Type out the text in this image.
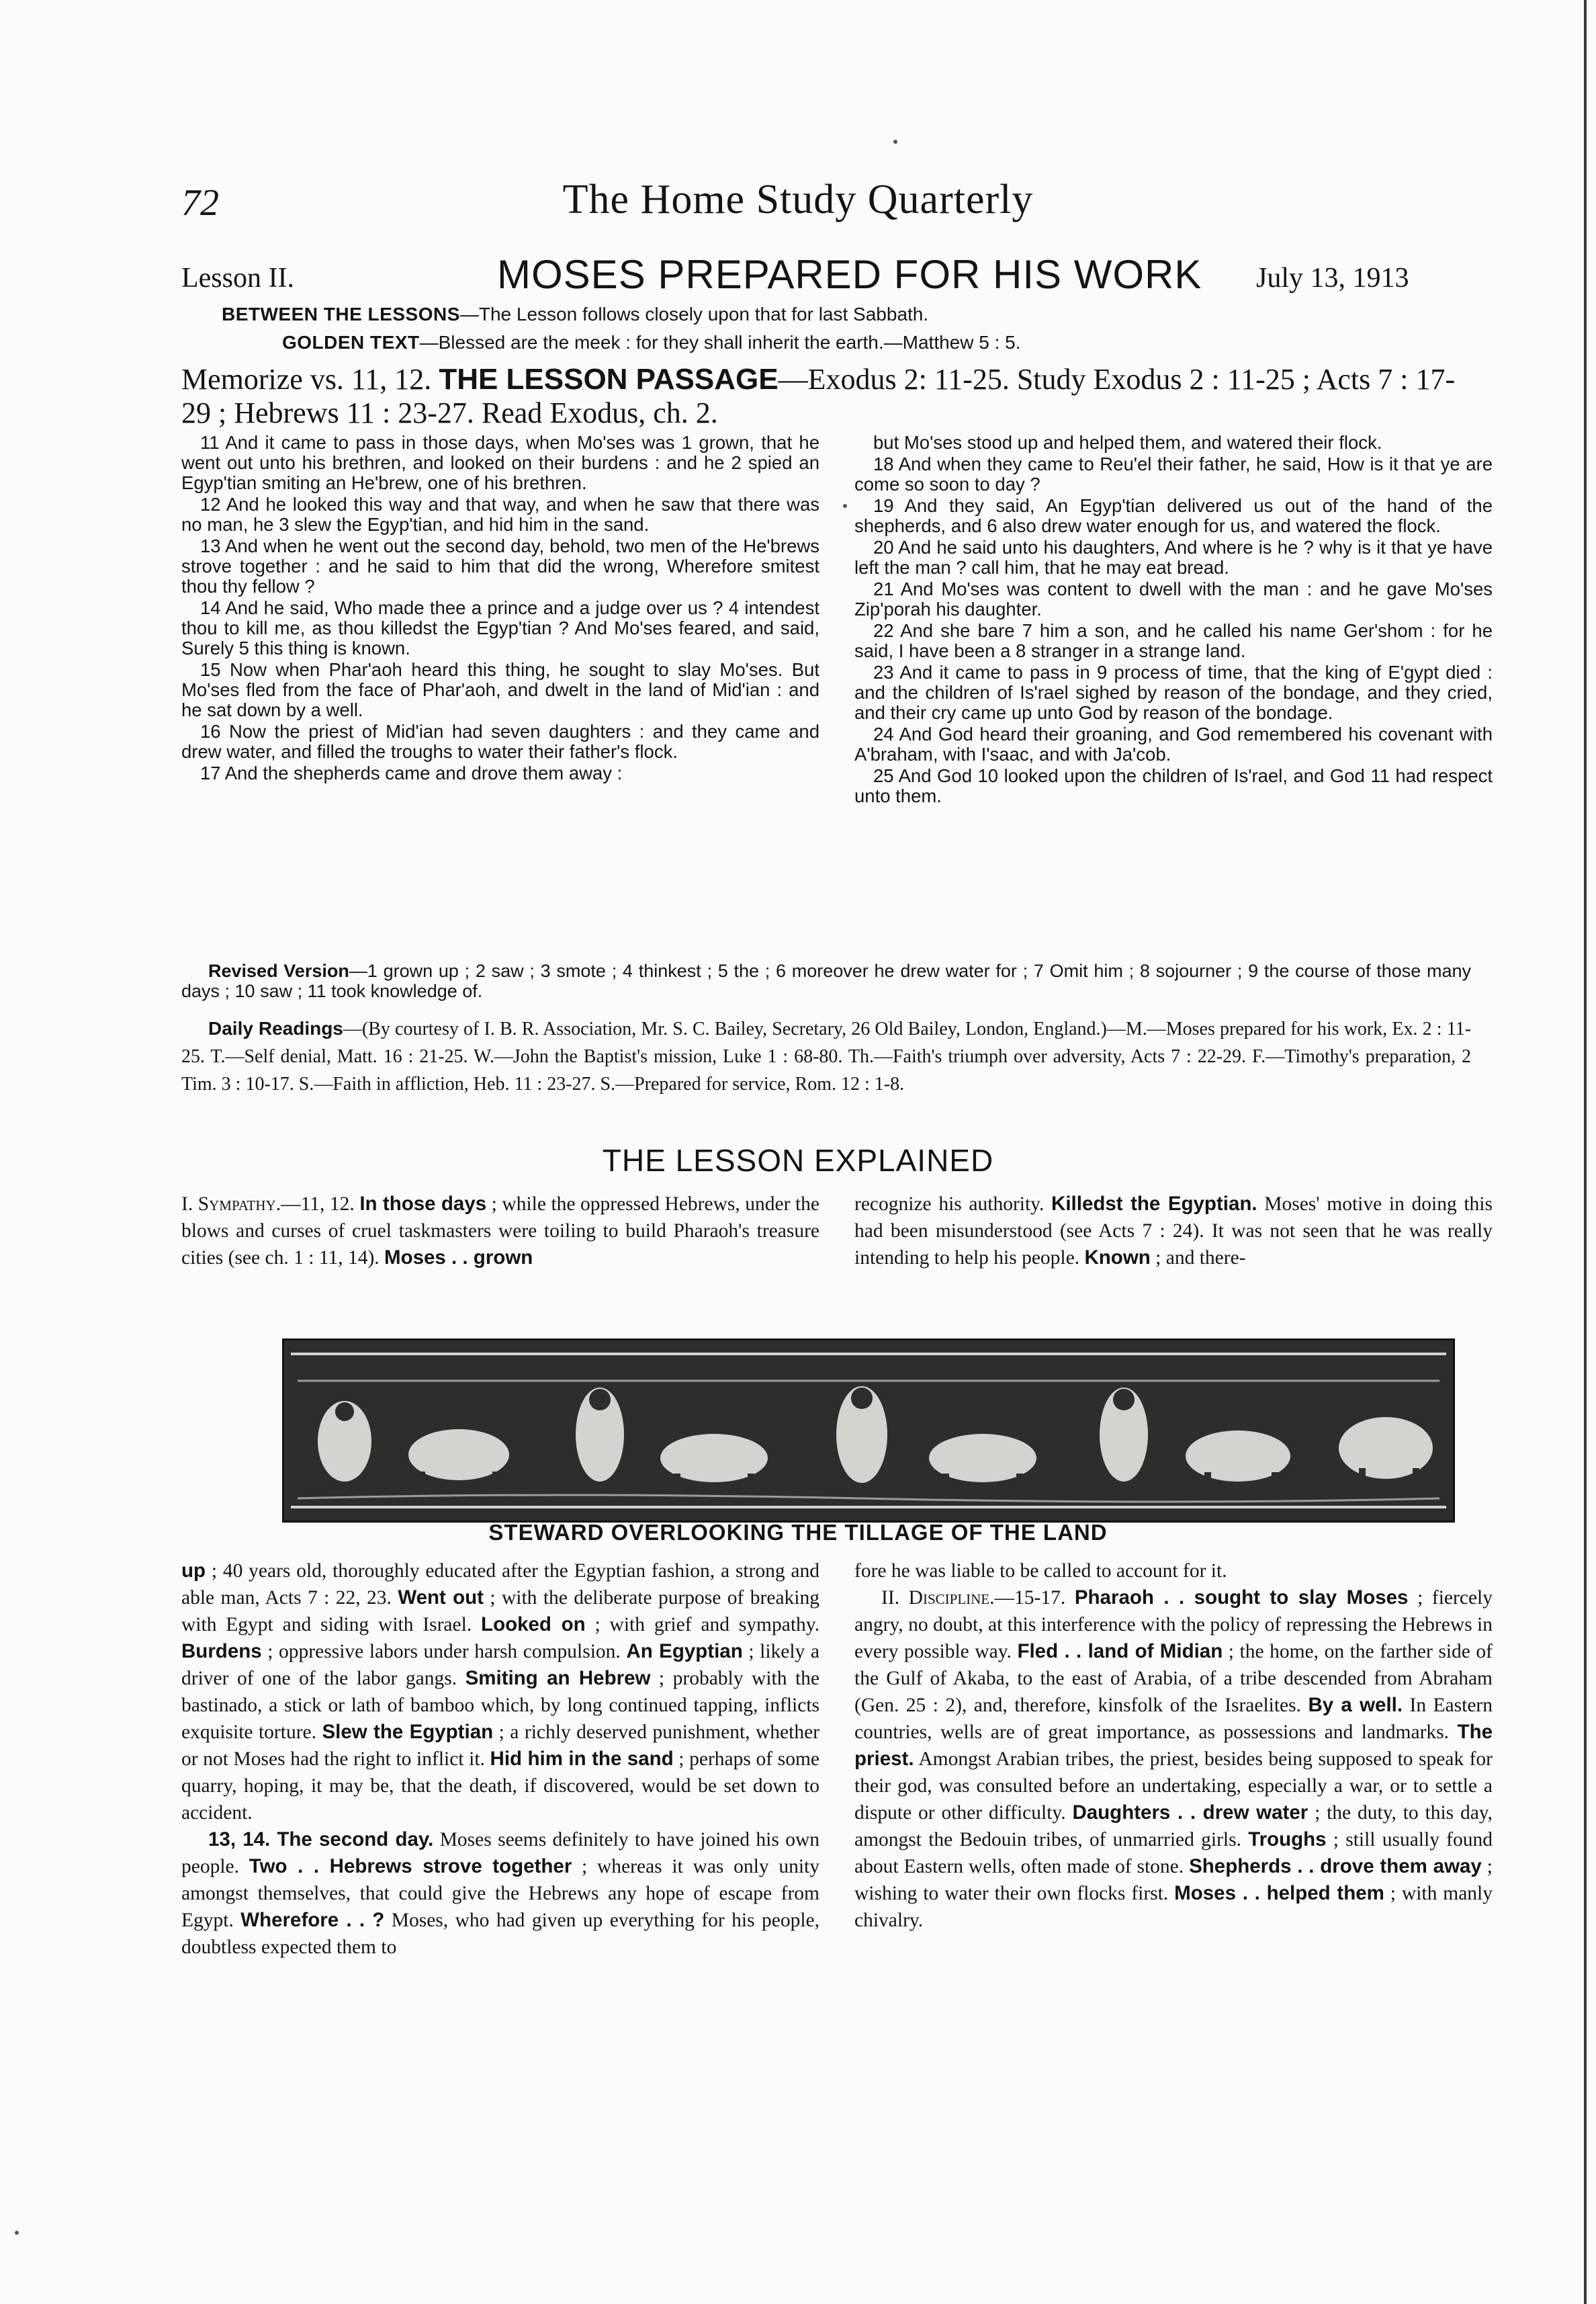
72	The Home Study Quarterly
Lesson II.	MOSES PREPARED FOR HIS WORK July 13, 1913
BETWEEN THE LESSONS—The Lesson follows closely upon that for last Sabbath.
GOLDEN TEXT—Blessed are the meek : for they shall inherit the earth.—Matthew 5 : 5.
Memorize vs. 11, 12. THE LESSON PASSAGE—Exodus 2: 11-25. Study Exodus 2 : 11-25 ; Acts 7 : 17-29 ; Hebrews 11 : 23-27. Read Exodus, ch. 2.

11 And it came to pass in those days, when Mo'ses was 1 grown, that he went out unto his brethren, and looked on their burdens : and he 2 spied an Egyp'tian smiting an He'brew, one of his brethren.

12 And he looked this way and that way, and when he saw that there was no man, he 3 slew the Egyp'tian, and hid him in the sand.

13 And when he went out the second day, behold, two men of the He'brews strove together : and he said to him that did the wrong, Wherefore smitest thou thy fellow ?

14 And he said, Who made thee a prince and a judge over us ? 4 intendest thou to kill me, as thou killedst the Egyp'tian ? And Mo'ses feared, and said, Surely 5 this thing is known.

15 Now when Phar'aoh heard this thing, he sought to slay Mo'ses. But Mo'ses fled from the face of Phar'aoh, and dwelt in the land of Mid'ian : and he sat down by a well.

16 Now the priest of Mid'ian had seven daughters : and they came and drew water, and filled the troughs to water their father's flock.

17 And the shepherds came and drove them away :

but Mo'ses stood up and helped them, and watered their flock.

18 And when they came to Reu'el their father, he said, How is it that ye are come so soon to day ?

19 And they said, An Egyp'tian delivered us out of the hand of the shepherds, and 6 also drew water enough for us, and watered the flock.

20 And he said unto his daughters, And where is he ? why is it that ye have left the man ? call him, that he may eat bread.

21 And Mo'ses was content to dwell with the man : and he gave Mo'ses Zip'porah his daughter.

22 And she bare 7 him a son, and he called his name Ger'shom : for he said, I have been a 8 stranger in a strange land.

23 And it came to pass in 9 process of time, that the king of E'gypt died : and the children of Is'rael sighed by reason of the bondage, and they cried, and their cry came up unto God by reason of the bondage.

24 And God heard their groaning, and God remembered his covenant with A'braham, with I'saac, and with Ja'cob.

25 And God 10 looked upon the children of Is'rael, and God 11 had respect unto them.

Revised Version—1 grown up ; 2 saw ; 3 smote ; 4 thinkest ; 5 the ; 6 moreover he drew water for ; 7 Omit him ; 8 sojourner ; 9 the course of those many days ; 10 saw ; 11 took knowledge of.
Daily Readings—(By courtesy of I. B. R. Association, Mr. S. C. Bailey, Secretary, 26 Old Bailey, London, England.)—M.—Moses prepared for his work, Ex. 2 : 11-25. T.—Self denial, Matt. 16 : 21-25. W.—John the Baptist's mission, Luke 1 : 68-80. Th.—Faith's triumph over adversity, Acts 7 : 22-29. F.—Timothy's preparation, 2 Tim. 3 : 10-17. S.—Faith in affliction, Heb. 11 : 23-27. S.—Prepared for service, Rom. 12 : 1-8.
THE LESSON EXPLAINED

I. Sympathy.—11, 12. In those days ; while the oppressed Hebrews, under the blows and curses of cruel taskmasters were toiling to build Pharaoh's treasure cities (see ch. 1 : 11, 14). Moses . . grown

recognize his authority. Killedst the Egyptian. Moses' motive in doing this had been misunderstood (see Acts 7 : 24). It was not seen that he was really intending to help his people. Known ; and there-

STEWARD OVERLOOKING THE TILLAGE OF THE LAND

up ; 40 years old, thoroughly educated after the Egyptian fashion, a strong and able man, Acts 7 : 22, 23. Went out ; with the deliberate purpose of breaking with Egypt and siding with Israel. Looked on ; with grief and sympathy. Burdens ; oppressive labors under harsh compulsion. An Egyptian ; likely a driver of one of the labor gangs. Smiting an Hebrew ; probably with the bastinado, a stick or lath of bamboo which, by long continued tapping, inflicts exquisite torture. Slew the Egyptian ; a richly deserved punishment, whether or not Moses had the right to inflict it. Hid him in the sand ; perhaps of some quarry, hoping, it may be, that the death, if discovered, would be set down to accident.

13, 14. The second day. Moses seems definitely to have joined his own people. Two . . Hebrews strove together ; whereas it was only unity amongst themselves, that could give the Hebrews any hope of escape from Egypt. Wherefore . . ? Moses, who had given up everything for his people, doubtless expected them to

fore he was liable to be called to account for it.

II. Discipline.—15-17. Pharaoh . . sought to slay Moses ; fiercely angry, no doubt, at this interference with the policy of repressing the Hebrews in every possible way. Fled . . land of Midian ; the home, on the farther side of the Gulf of Akaba, to the east of Arabia, of a tribe descended from Abraham (Gen. 25 : 2), and, therefore, kinsfolk of the Israelites. By a well. In Eastern countries, wells are of great importance, as possessions and landmarks. The priest. Amongst Arabian tribes, the priest, besides being supposed to speak for their god, was consulted before an undertaking, especially a war, or to settle a dispute or other difficulty. Daughters . . drew water ; the duty, to this day, amongst the Bedouin tribes, of unmarried girls. Troughs ; still usually found about Eastern wells, often made of stone. Shepherds . . drove them away ; wishing to water their own flocks first. Moses . . helped them ; with manly chivalry.
